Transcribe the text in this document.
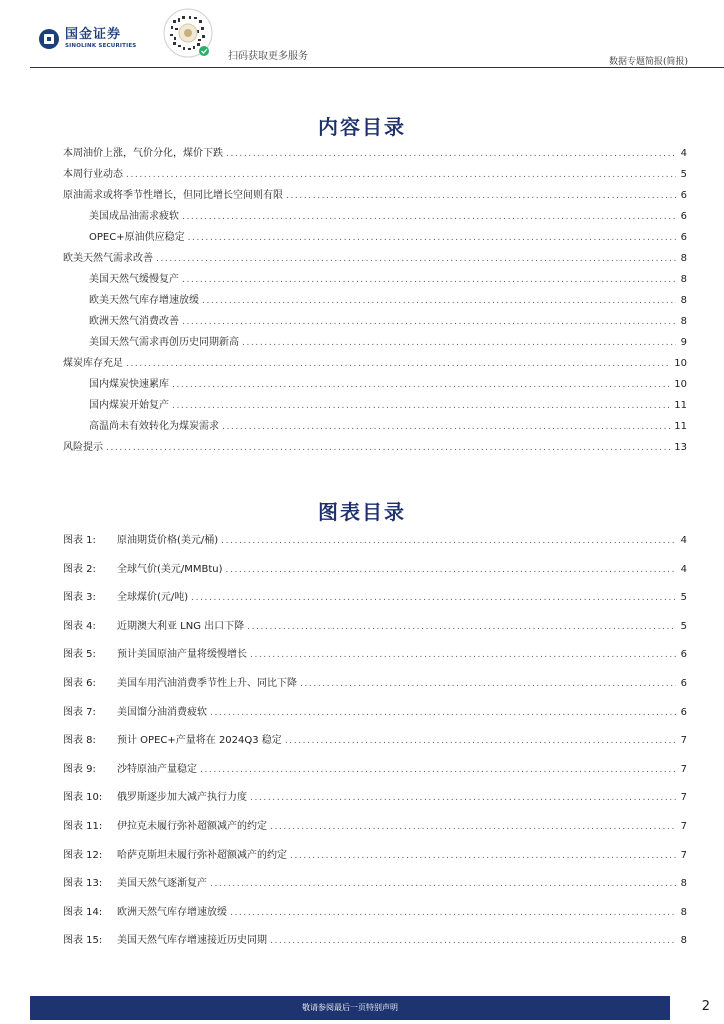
国金证券
SINOLINK SECURITIES
扫码获取更多服务	数据专题简报(简报)
内容目录
本周油价上涨，气价分化，煤价下跌 .....	4
本周行业动态 .....	5
原油需求或将季节性增长，但同比增长空间则有限 .....	6
美国成品油需求疲软 .....	6
OPEC+原油供应稳定 .....	6
欧美天然气需求改善 .....	8
美国天然气缓慢复产 .....	8
欧美天然气库存增速放缓 .....	8
欧洲天然气消费改善 .....	8
美国天然气需求再创历史同期新高 .....	9
煤炭库存充足 .....	10
国内煤炭快速累库 .....	10
国内煤炭开始复产 .....	11
高温尚未有效转化为煤炭需求 .....	11
风险提示 .....	13
图表目录
图表 1:	原油期货价格(美元/桶) .....	4
图表 2:	全球气价(美元/MMBtu) .....	4
图表 3:	全球煤价(元/吨) .....	5
图表 4:	近期澳大利亚 LNG 出口下降 .....	5
图表 5:	预计美国原油产量将缓慢增长 .....	6
图表 6:	美国车用汽油消费季节性上升、同比下降 .....	6
图表 7:	美国馏分油消费疲软 .....	6
图表 8:	预计 OPEC+产量将在 2024Q3 稳定 .....	7
图表 9:	沙特原油产量稳定 .....	7
图表 10:	俄罗斯逐步加大减产执行力度 .....	7
图表 11:	伊拉克未履行弥补超额减产的约定 .....	7
图表 12:	哈萨克斯坦未履行弥补超额减产的约定 .....	7
图表 13:	美国天然气逐渐复产 .....	8
图表 14:	欧洲天然气库存增速放缓 .....	8
图表 15:	美国天然气库存增速接近历史同期 .....	8
敬请参阅最后一页特别声明	2
